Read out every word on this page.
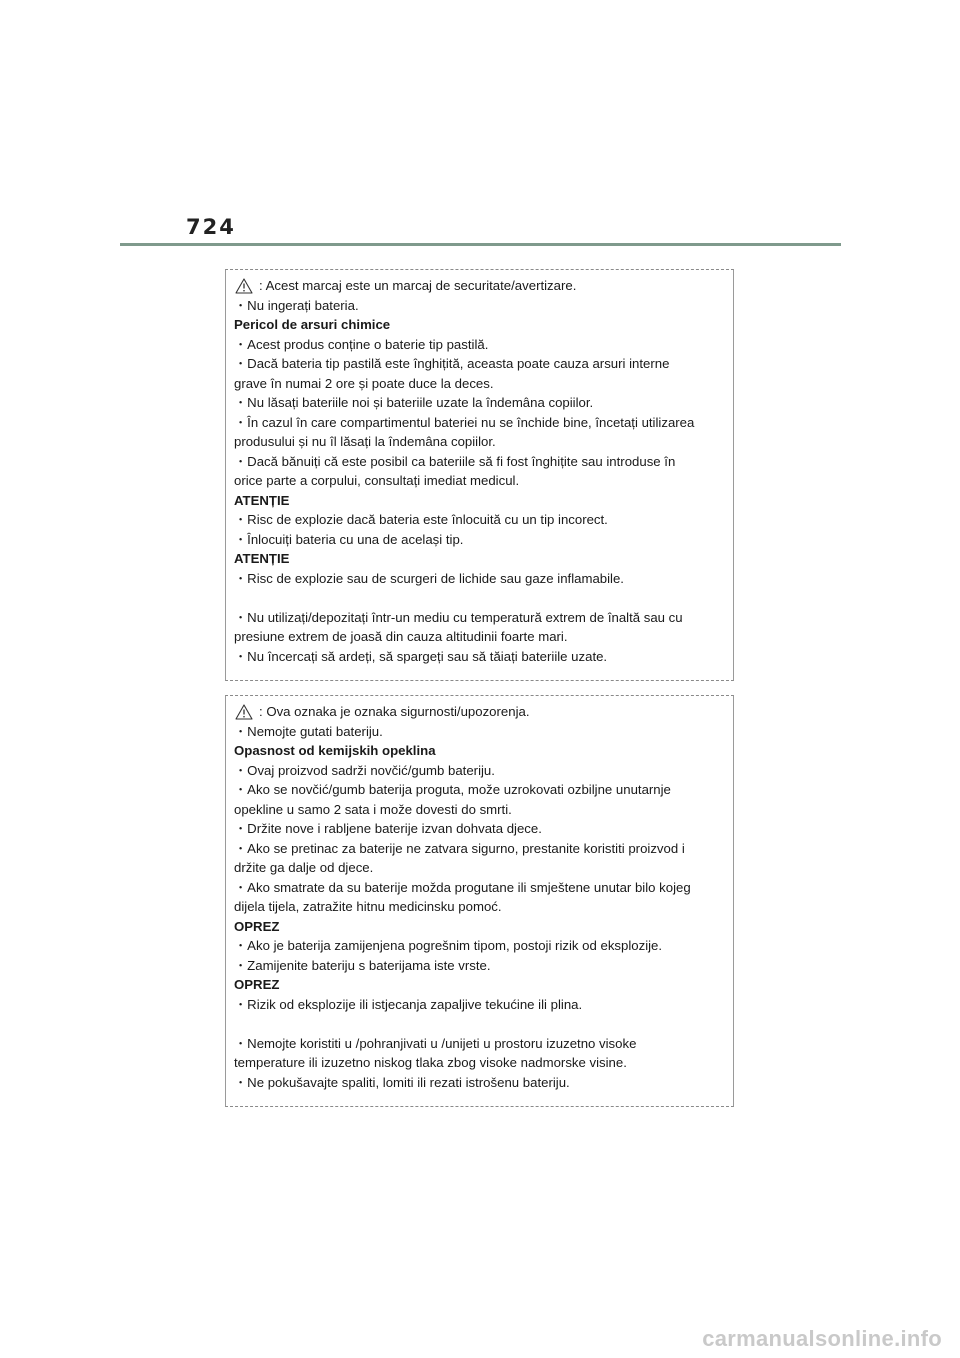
724
: Acest marcaj este un marcaj de securitate/avertizare.
・Nu ingerați bateria.
Pericol de arsuri chimice
・Acest produs conține o baterie tip pastilă.
・Dacă bateria tip pastilă este înghițită, aceasta poate cauza arsuri interne
grave în numai 2 ore și poate duce la deces.
・Nu lăsați bateriile noi și bateriile uzate la îndemâna copiilor.
・În cazul în care compartimentul bateriei nu se închide bine, încetați utilizarea
produsului și nu îl lăsați la îndemâna copiilor.
・Dacă bănuiți că este posibil ca bateriile să fi fost înghițite sau introduse în
orice parte a corpului, consultați imediat medicul.
ATENȚIE
・Risc de explozie dacă bateria este înlocuită cu un tip incorect.
・Înlocuiți bateria cu una de același tip.
ATENȚIE
・Risc de explozie sau de scurgeri de lichide sau gaze inflamabile.
・Nu utilizați/depozitați într-un mediu cu temperatură extrem de înaltă sau cu
presiune extrem de joasă din cauza altitudinii foarte mari.
・Nu încercați să ardeți, să spargeți sau să tăiați bateriile uzate.
: Ova oznaka je oznaka sigurnosti/upozorenja.
・Nemojte gutati bateriju.
Opasnost od kemijskih opeklina
・Ovaj proizvod sadrži novčić/gumb bateriju.
・Ako se novčić/gumb baterija proguta, može uzrokovati ozbiljne unutarnje
opekline u samo 2 sata i može dovesti do smrti.
・Držite nove i rabljene baterije izvan dohvata djece.
・Ako se pretinac za baterije ne zatvara sigurno, prestanite koristiti proizvod i
držite ga dalje od djece.
・Ako smatrate da su baterije možda progutane ili smještene unutar bilo kojeg
dijela tijela, zatražite hitnu medicinsku pomoć.
OPREZ
・Ako je baterija zamijenjena pogrešnim tipom, postoji rizik od eksplozije.
・Zamijenite bateriju s baterijama iste vrste.
OPREZ
・Rizik od eksplozije ili istjecanja zapaljive tekućine ili plina.
・Nemojte koristiti u /pohranjivati u /unijeti u prostoru izuzetno visoke
temperature ili izuzetno niskog tlaka zbog visoke nadmorske visine.
・Ne pokušavajte spaliti, lomiti ili rezati istrošenu bateriju.
carmanualsonline.info
